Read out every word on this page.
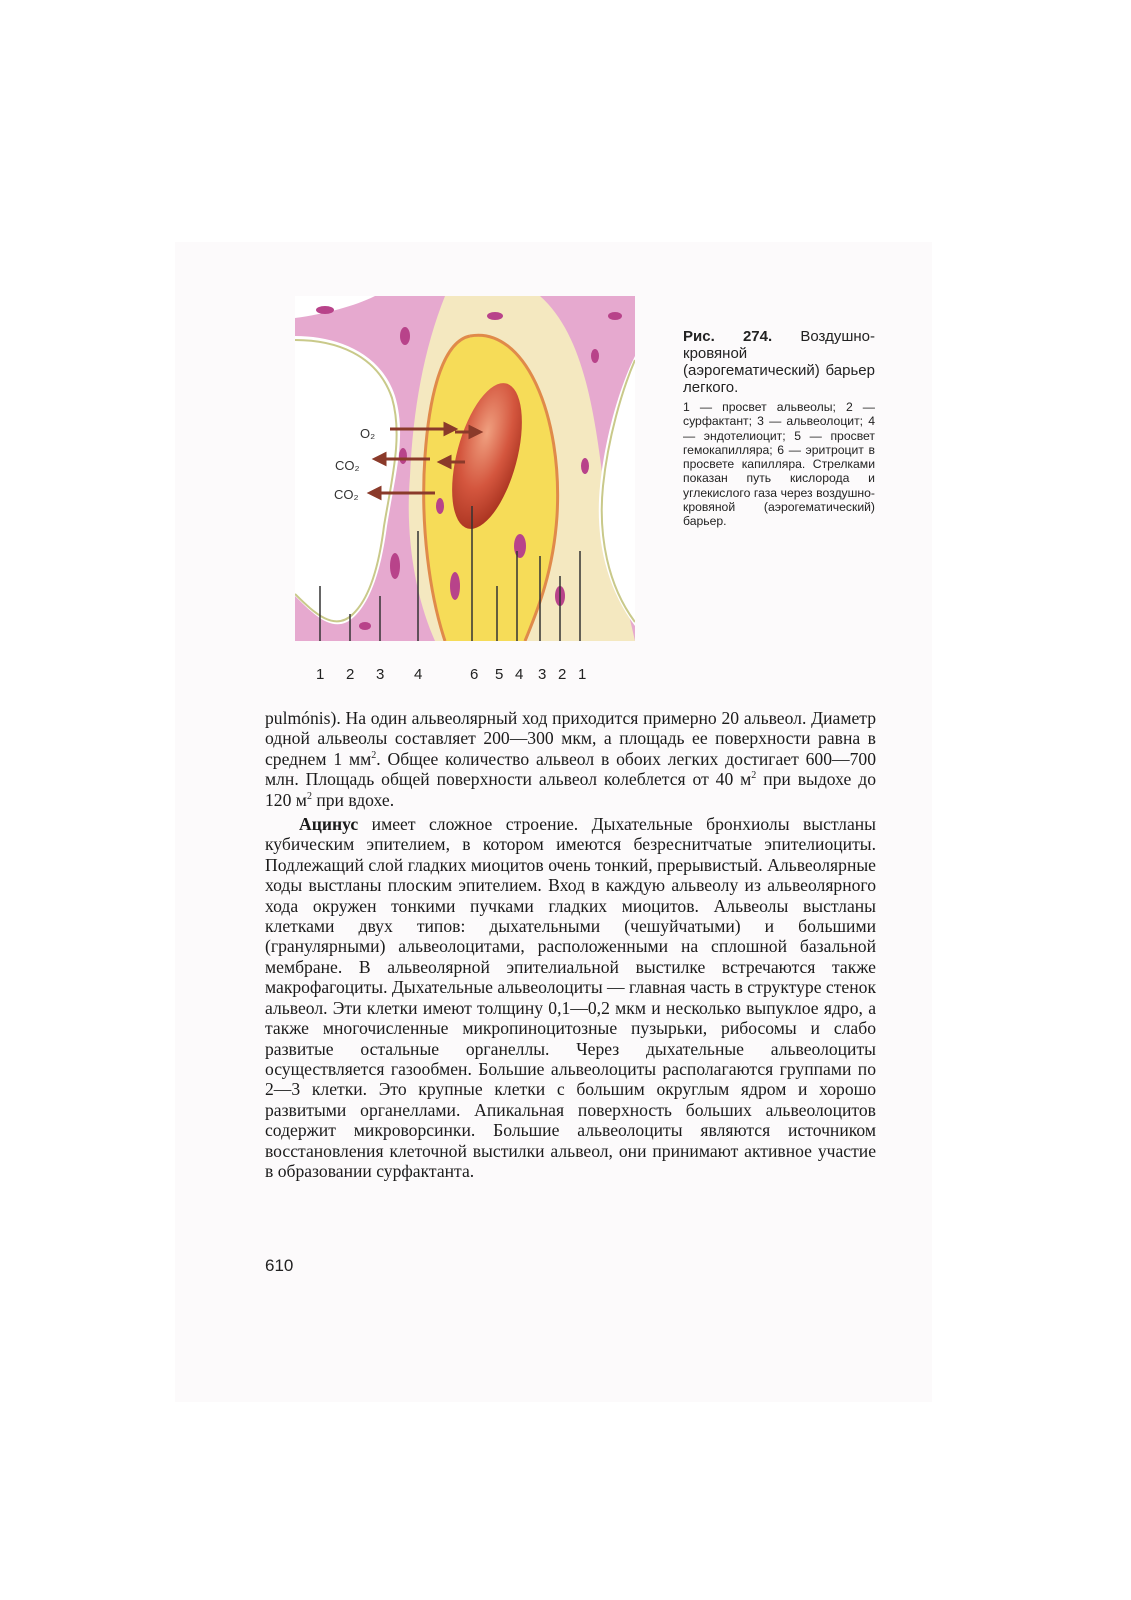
O₂
CO₂
CO₂
1 2 3 4	6 5 4 3 2 1
Рис. 274. Воздушно-кровяной (аэрогематический) барьер легкого.
1 — просвет альвеолы; 2 — сурфактант; 3 — альвеолоцит; 4 — эндотелиоцит; 5 — просвет гемокапилляра; 6 — эритроцит в просвете капилляра. Стрелками показан путь кислорода и углекислого газа через воздушно-кровяной (аэрогематический) барьер.

pulmónis). На один альвеолярный ход приходится примерно 20 альвеол. Диаметр одной альвеолы составляет 200—300 мкм, а площадь ее поверхности равна в среднем 1 $мм^2$. Общее количество альвеол в обоих легких достигает 600—700 млн. Площадь общей поверхности альвеол колеблется от 40 $м^2$ при выдохе до 120 $м^2$ при вдохе.

Ацинус имеет сложное строение. Дыхательные бронхиолы выстланы кубическим эпителием, в котором имеются безреснитчатые эпителиоциты. Подлежащий слой гладких миоцитов очень тонкий, прерывистый. Альвеолярные ходы выстланы плоским эпителием. Вход в каждую альвеолу из альвеолярного хода окружен тонкими пучками гладких миоцитов. Альвеолы выстланы клетками двух типов: дыхательными (чешуйчатыми) и большими (гранулярными) альвеолоцитами, расположенными на сплошной базальной мембране. В альвеолярной эпителиальной выстилке встречаются также макрофагоциты. Дыхательные альвеолоциты — главная часть в структуре стенок альвеол. Эти клетки имеют толщину 0,1—0,2 мкм и несколько выпуклое ядро, а также многочисленные микропиноцитозные пузырьки, рибосомы и слабо развитые остальные органеллы. Через дыхательные альвеолоциты осуществляется газообмен. Большие альвеолоциты располагаются группами по 2—3 клетки. Это крупные клетки с большим округлым ядром и хорошо развитыми органеллами. Апикальная поверхность больших альвеолоцитов содержит микроворсинки. Большие альвеолоциты являются источником восстановления клеточной выстилки альвеол, они принимают активное участие в образовании сурфактанта.

610
